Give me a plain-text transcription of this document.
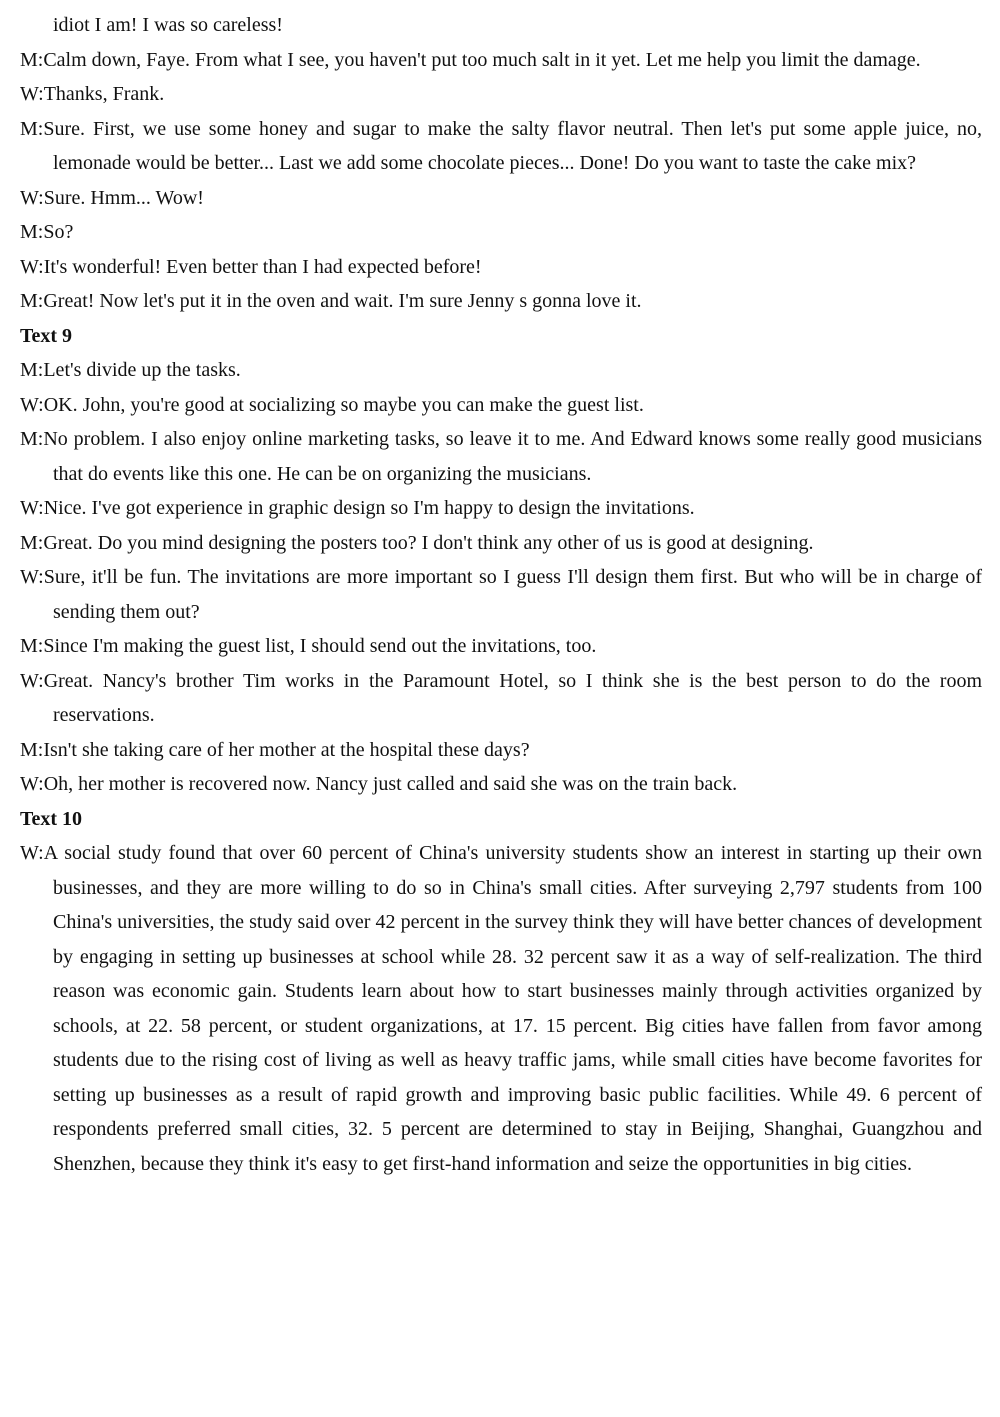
idiot I am! I was so careless!

M:Calm down, Faye. From what I see, you haven't put too much salt in it yet. Let me help you limit the damage.

W:Thanks, Frank.

M:Sure. First, we use some honey and sugar to make the salty flavor neutral. Then let's put some apple juice, no, lemonade would be better... Last we add some chocolate pieces... Done! Do you want to taste the cake mix?

W:Sure. Hmm... Wow!

M:So?

W:It's wonderful! Even better than I had expected before!

M:Great! Now let's put it in the oven and wait. I'm sure Jenny s gonna love it.

Text 9

M:Let's divide up the tasks.

W:OK. John, you're good at socializing so maybe you can make the guest list.

M:No problem. I also enjoy online marketing tasks, so leave it to me. And Edward knows some really good musicians that do events like this one. He can be on organizing the musicians.

W:Nice. I've got experience in graphic design so I'm happy to design the invitations.

M:Great. Do you mind designing the posters too? I don't think any other of us is good at designing.

W:Sure, it'll be fun. The invitations are more important so I guess I'll design them first. But who will be in charge of sending them out?

M:Since I'm making the guest list, I should send out the invitations, too.

W:Great. Nancy's brother Tim works in the Paramount Hotel, so I think she is the best person to do the room reservations.

M:Isn't she taking care of her mother at the hospital these days?

W:Oh, her mother is recovered now. Nancy just called and said she was on the train back.

Text 10

W:A social study found that over 60 percent of China's university students show an interest in starting up their own businesses, and they are more willing to do so in China's small cities. After surveying 2,797 students from 100 China's universities, the study said over 42 percent in the survey think they will have better chances of development by engaging in setting up businesses at school while 28. 32 percent saw it as a way of self-realization. The third reason was economic gain. Students learn about how to start businesses mainly through activities organized by schools, at 22. 58 percent, or student organizations, at 17. 15 percent. Big cities have fallen from favor among students due to the rising cost of living as well as heavy traffic jams, while small cities have become favorites for setting up businesses as a result of rapid growth and improving basic public facilities. While 49. 6 percent of respondents preferred small cities, 32. 5 percent are determined to stay in Beijing, Shanghai, Guangzhou and Shenzhen, because they think it's easy to get first-hand information and seize the opportunities in big cities.
